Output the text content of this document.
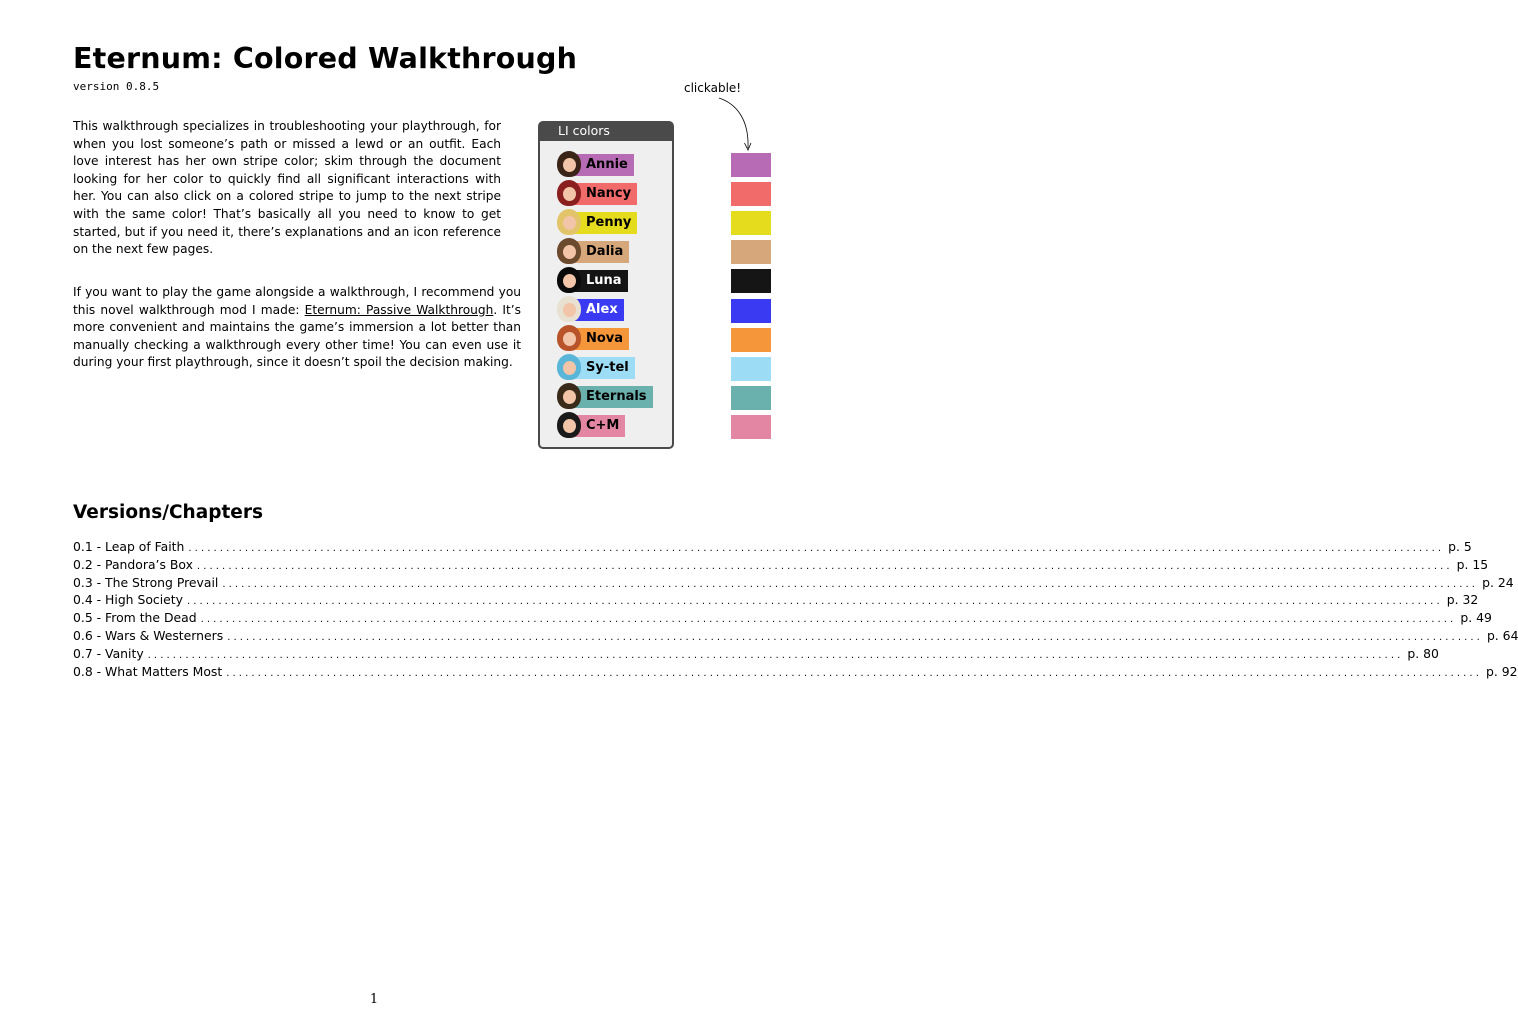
Eternum: Colored Walkthrough
version 0.8.5	clickable!

This walkthrough specializes in troubleshooting your playthrough, for when you lost someone’s path or missed a lewd or an outfit. Each love interest has her own stripe color; skim through the document looking for her color to quickly find all significant interactions with her. You can also click on a colored stripe to jump to the next stripe with the same color! That’s basically all you need to know to get started, but if you need it, there’s explanations and an icon reference on the next few pages.

If you want to play the game alongside a walkthrough, I recommend you this novel walkthrough mod I made: Eternum: Passive Walkthrough. It’s more convenient and maintains the game’s immersion a lot better than manually checking a walkthrough every other time! You can even use it during your first playthrough, since it doesn’t spoil the decision making.

LI colors
Annie
Nancy
Penny
Dalia
Luna
Alex
Nova
Sy-tel
Eternals
C+M
Versions/Chapters
0.1 - Leap of Faith ........................................................................................................................................................................................................ p. 5
0.2 - Pandora’s Box ........................................................................................................................................................................................................ p. 15
0.3 - The Strong Prevail ........................................................................................................................................................................................................ p. 24
0.4 - High Society ........................................................................................................................................................................................................ p. 32
0.5 - From the Dead ........................................................................................................................................................................................................ p. 49
0.6 - Wars & Westerners ........................................................................................................................................................................................................ p. 64
0.7 - Vanity ........................................................................................................................................................................................................ p. 80
0.8 - What Matters Most ........................................................................................................................................................................................................ p. 92
1
